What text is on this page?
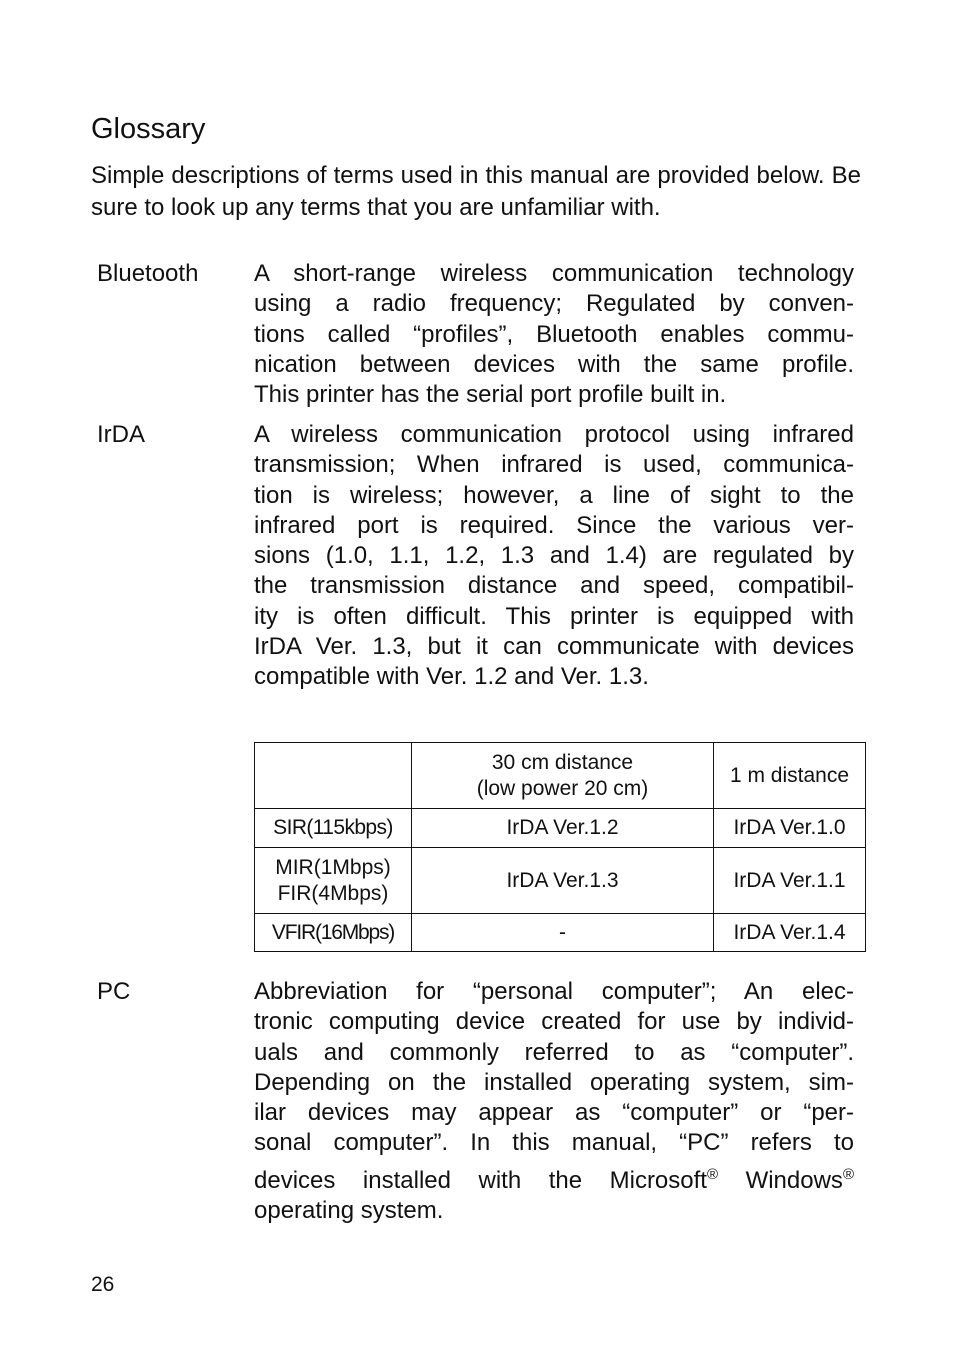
Glossary

Simple descriptions of terms used in this manual are provided below. Be sure to look up any terms that you are unfamiliar with.

Bluetooth A short-range wireless communication technology
using a radio frequency; Regulated by conven-
tions called “profiles”, Bluetooth enables commu-
nication between devices with the same profile.
This printer has the serial port profile built in.
IrDA	A wireless communication protocol using infrared
transmission; When infrared is used, communica-
tion is wireless; however, a line of sight to the
infrared port is required. Since the various ver-
sions (1.0, 1.1, 1.2, 1.3 and 1.4) are regulated by
the transmission distance and speed, compatibil-
ity is often difficult. This printer is equipped with
IrDA Ver. 1.3, but it can communicate with devices
compatible with Ver. 1.2 and Ver. 1.3.

	30 cm distance
(low power 20 cm)	1 m distance
SIR(115kbps)	IrDA Ver.1.2	IrDA Ver.1.0

MIR(1Mbps)
FIR(4Mbps)	IrDA Ver.1.3	IrDA Ver.1.1
VFIR(16Mbps)	-	IrDA Ver.1.4
PC	Abbreviation for “personal computer”; An elec-
tronic computing device created for use by individ-
uals and commonly referred to as “computer”.
Depending on the installed operating system, sim-
ilar devices may appear as “computer” or “per-
sonal computer”. In this manual, “PC” refers to
devices installed with the Microsoft® Windows®
operating system.
26
